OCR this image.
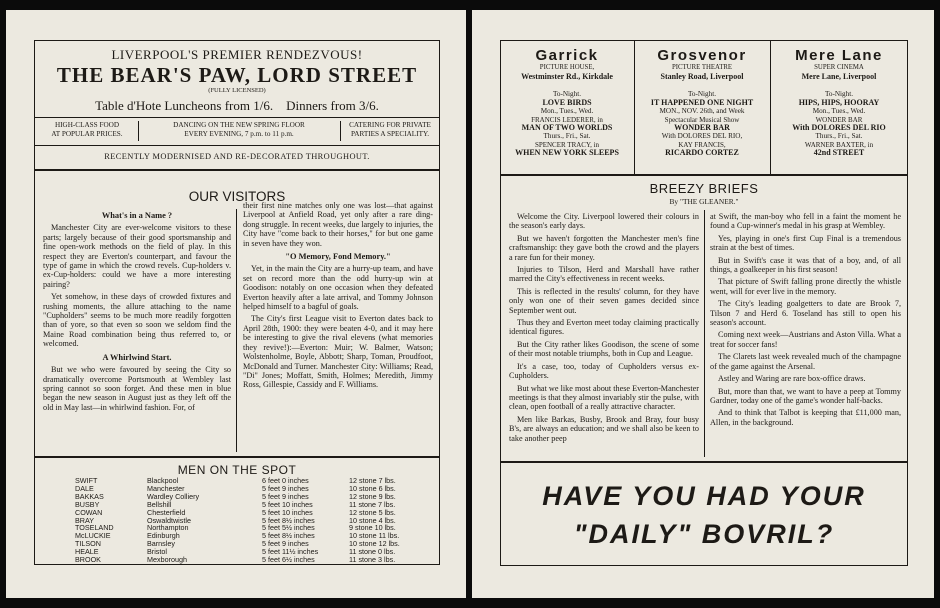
LIVERPOOL'S PREMIER RENDEZVOUS!
THE BEAR'S PAW, LORD STREET
(FULLY LICENSED)
Table d'Hote Luncheons from 1/6.    Dinners from 3/6.
HIGH-CLASS FOOD
AT POPULAR PRICES.
DANCING ON THE NEW SPRING FLOOR
EVERY EVENING, 7 p.m. to 11 p.m.
CATERING FOR PRIVATE
PARTIES A SPECIALITY.
RECENTLY MODERNISED AND RE-DECORATED THROUGHOUT.
OUR VISITORS
What's in a Name ?

Manchester City are ever-welcome visitors to these parts; largely because of their good sportsmanship and fine open-work methods on the field of play. In this respect they are Everton's counterpart, and favour the type of game in which the crowd revels. Cup-holders v. ex-Cup-holders: could we have a more interesting pairing?

Yet somehow, in these days of crowded fixtures and rushing moments, the allure attaching to the name "Cupholders" seems to be much more readily forgotten than of yore, so that even so soon we seldom find the Maine Road combination being thus referred to, or welcomed.

A Whirlwind Start.

But we who were favoured by seeing the City so dramatically overcome Portsmouth at Wembley last spring cannot so soon forget. And these men in blue began the new season in August just as they left off the old in May last—in whirlwind fashion. For, of

their first nine matches only one was lost—that against Liverpool at Anfield Road, yet only after a rare ding-dong struggle. In recent weeks, due largely to injuries, the City have "come back to their horses," for but one game in seven have they won.

"O Memory, Fond Memory."

Yet, in the main the City are a hurry-up team, and have set on record more than the odd hurry-up win at Goodison: notably on one occasion when they defeated Everton heavily after a late arrival, and Tommy Johnson helped himself to a bagful of goals.

The City's first League visit to Everton dates back to April 28th, 1900: they were beaten 4-0, and it may here be interesting to give the rival elevens (what memories they revive!):—Everton: Muir; W. Balmer, Watson; Wolstenholme, Boyle, Abbott; Sharp, Toman, Proudfoot, McDonald and Turner. Manchester City: Williams; Read, "Di" Jones; Moffatt, Smith, Holmes; Meredith, Jimmy Ross, Gillespie, Cassidy and F. Williams.

MEN ON THE SPOT
SWIFT
DALE
BAKKAS
BUSBY
COWAN
BRAY
TOSELAND
McLUCKIE
TILSON
HEALE
BROOK
Blackpool
Manchester
Wardley Colliery
Bellshill
Chesterfield
Oswaldtwistle
Northampton
Edinburgh
Barnsley
Bristol
Mexborough
6 feet 0 inches
5 feet 9 inches
5 feet 9 inches
5 feet 10 inches
5 feet 10 inches
5 feet 8½ inches
5 feet 5½ inches
5 feet 8½ inches
5 feet 9 inches
5 feet 11½ inches
5 feet 6½ inches
12 stone 7 lbs.
10 stone 6 lbs.
12 stone 9 lbs.
11 stone 7 lbs.
12 stone 5 lbs.
10 stone 4 lbs.
9 stone 10 lbs.
10 stone 11 lbs.
10 stone 12 lbs.
11 stone 0 lbs.
11 stone 3 lbs.
Garrick
PICTURE HOUSE,
Westminster Rd., Kirkdale
To-Night.
LOVE BIRDS
Mon., Tues., Wed.
FRANCIS LEDERER, in
MAN OF TWO WORLDS
Thurs., Fri., Sat.
SPENCER TRACY, in
WHEN NEW YORK SLEEPS
Grosvenor
PICTURE THEATRE
Stanley Road, Liverpool
To-Night.
IT HAPPENED ONE NIGHT
MON., NOV. 26th, and Week
Spectacular Musical Show
WONDER BAR
With DOLORES DEL RIO,
KAY FRANCIS,
RICARDO CORTEZ
Mere Lane
SUPER CINEMA
Mere Lane, Liverpool
To-Night.
HIPS, HIPS, HOORAY
Mon., Tues., Wed.
WONDER BAR
With DOLORES DEL RIO
Thurs., Fri., Sat.
WARNER BAXTER, in
42nd STREET
BREEZY BRIEFS
By "THE GLEANER."

Welcome the City. Liverpool lowered their colours in the season's early days.

But we haven't forgotten the Manchester men's fine craftsmanship: they gave both the crowd and the players a rare fun for their money.

Injuries to Tilson, Herd and Marshall have rather marred the City's effectiveness in recent weeks.

This is reflected in the results' column, for they have only won one of their seven games decided since September went out.

Thus they and Everton meet today claiming practically identical figures.

But the City rather likes Goodison, the scene of some of their most notable triumphs, both in Cup and League.

It's a case, too, today of Cupholders versus ex-Cupholders.

But what we like most about these Everton-Manchester meetings is that they almost invariably stir the pulse, with clean, open football of a really attractive character.

Men like Barkas, Busby, Brook and Bray, four busy B's, are always an education; and we shall also be keen to take another peep

at Swift, the man-boy who fell in a faint the moment he found a Cup-winner's medal in his grasp at Wembley.

Yes, playing in one's first Cup Final is a tremendous strain at the best of times.

But in Swift's case it was that of a boy, and, of all things, a goalkeeper in his first season!

That picture of Swift falling prone directly the whistle went, will for ever live in the memory.

The City's leading goalgetters to date are Brook 7, Tilson 7 and Herd 6. Toseland has still to open his season's account.

Coming next week—Austrians and Aston Villa. What a treat for soccer fans!

The Clarets last week revealed much of the champagne of the game against the Arsenal.

Astley and Waring are rare box-office draws.

But, more than that, we want to have a peep at Tommy Gardner, today one of the game's wonder half-backs.

And to think that Talbot is keeping that £11,000 man, Allen, in the background.

HAVE YOU HAD YOUR
"DAILY" BOVRIL?
